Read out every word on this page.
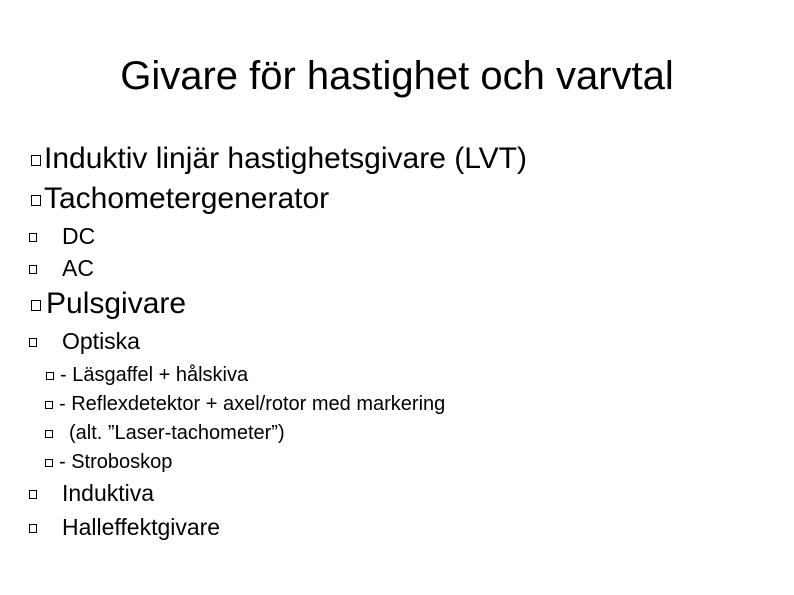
Givare för hastighet och varvtal
Induktiv linjär hastighetsgivare (LVT)
Tachometergenerator
DC
AC
Pulsgivare
Optiska
- Läsgaffel + hålskiva
- Reflexdetektor + axel/rotor med markering
(alt. ”Laser-tachometer”)
- Stroboskop
Induktiva
Halleffektgivare
